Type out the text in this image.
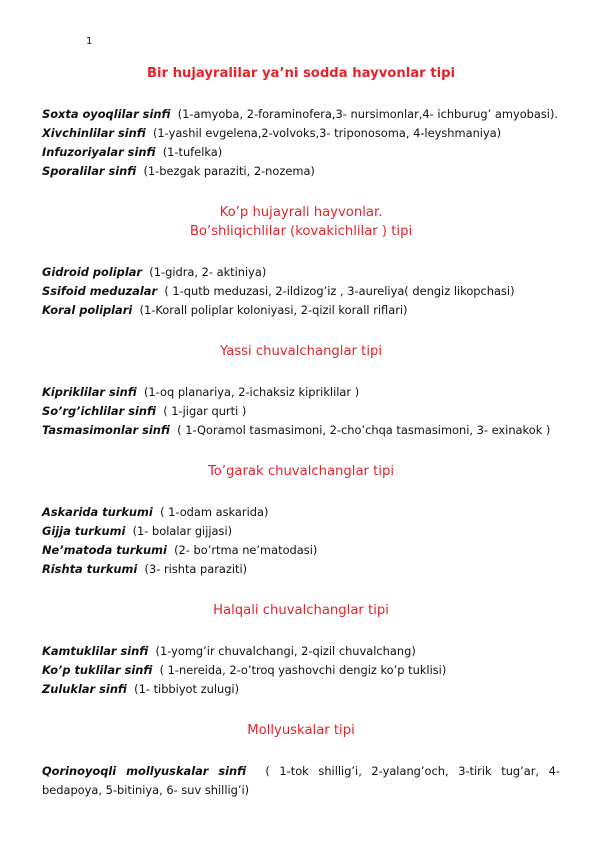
1
Bir hujayralilar ya’ni sodda hayvonlar tipi

Soxta oyoqlilar sinfi (1-amyoba, 2-foraminofera,3- nursimonlar,4- ichburug’ amyobasi).

Xivchinlilar sinfi (1-yashil evgelena,2-volvoks,3- triponosoma, 4-leyshmaniya)

Infuzoriyalar sinfi (1-tufelka)

Sporalilar sinfi (1-bezgak paraziti, 2-nozema)

Ko’p hujayrali hayvonlar.
Bo’shliqichlilar (kovakichlilar ) tipi

Gidroid poliplar (1-gidra, 2- aktiniya)

Ssifoid meduzalar ( 1-qutb meduzasi, 2-ildizog’iz , 3-aureliya( dengiz likopchasi)

Koral poliplari (1-Korall poliplar koloniyasi, 2-qizil korall riflari)

Yassi chuvalchanglar tipi

Kipriklilar sinfi (1-oq planariya, 2-ichaksiz kipriklilar )

So’rg’ichlilar sinfi ( 1-jigar qurti )

Tasmasimonlar sinfi ( 1-Qoramol tasmasimoni, 2-cho’chqa tasmasimoni, 3- exinakok )

To’garak chuvalchanglar tipi

Askarida turkumi ( 1-odam askarida)

Gijja turkumi (1- bolalar gijjasi)

Ne’matoda turkumi (2- bo’rtma ne’matodasi)

Rishta turkumi (3- rishta paraziti)

Halqali chuvalchanglar tipi

Kamtuklilar sinfi (1-yomg’ir chuvalchangi, 2-qizil chuvalchang)

Ko’p tuklilar sinfi ( 1-nereida, 2-o’troq yashovchi dengiz ko’p tuklisi)

Zuluklar sinfi (1- tibbiyot zulugi)

Mollyuskalar tipi

Qorinoyoqli mollyuskalar sinfi ( 1-tok shillig’i, 2-yalang’och, 3-tirik tug’ar, 4- bedapoya, 5-bitiniya, 6- suv shillig’i)
